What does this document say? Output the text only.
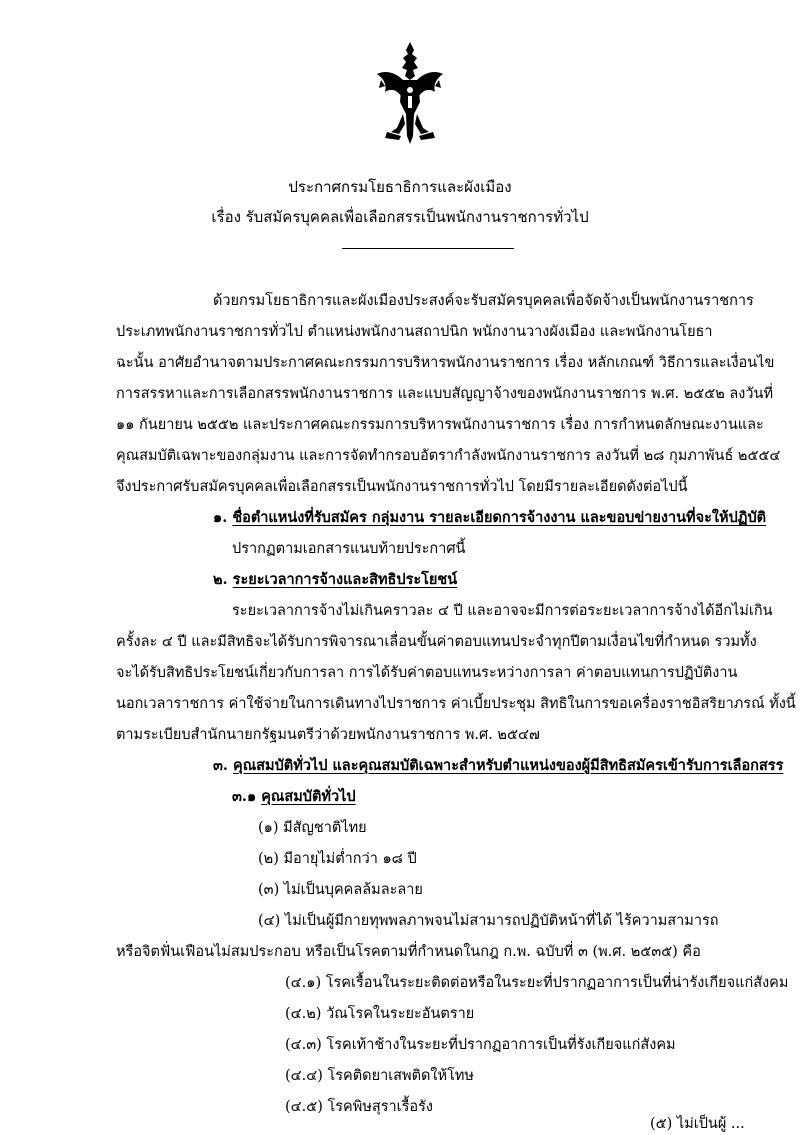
ประกาศกรมโยธาธิการและผังเมือง
เรื่อง รับสมัครบุคคลเพื่อเลือกสรรเป็นพนักงานราชการทั่วไป
ด้วยกรมโยธาธิการและผังเมืองประสงค์จะรับสมัครบุคคลเพื่อจัดจ้างเป็นพนักงานราชการ
ประเภทพนักงานราชการทั่วไป ตำแหน่งพนักงานสถาปนิก พนักงานวางผังเมือง และพนักงานโยธา
ฉะนั้น อาศัยอำนาจตามประกาศคณะกรรมการบริหารพนักงานราชการ เรื่อง หลักเกณฑ์ วิธีการและเงื่อนไข
การสรรหาและการเลือกสรรพนักงานราชการ และแบบสัญญาจ้างของพนักงานราชการ พ.ศ. ๒๕๕๒ ลงวันที่
๑๑ กันยายน ๒๕๕๒ และประกาศคณะกรรมการบริหารพนักงานราชการ เรื่อง การกำหนดลักษณะงานและ
คุณสมบัติเฉพาะของกลุ่มงาน และการจัดทำกรอบอัตรากำลังพนักงานราชการ ลงวันที่ ๒๘ กุมภาพันธ์ ๒๕๕๔
จึงประกาศรับสมัครบุคคลเพื่อเลือกสรรเป็นพนักงานราชการทั่วไป โดยมีรายละเอียดดังต่อไปนี้
๑. ชื่อตำแหน่งที่รับสมัคร กลุ่มงาน รายละเอียดการจ้างงาน และขอบข่ายงานที่จะให้ปฏิบัติ
ปรากฏตามเอกสารแนบท้ายประกาศนี้
๒. ระยะเวลาการจ้างและสิทธิประโยชน์
ระยะเวลาการจ้างไม่เกินคราวละ ๔ ปี และอาจจะมีการต่อระยะเวลาการจ้างได้อีกไม่เกิน
ครั้งละ ๔ ปี และมีสิทธิจะได้รับการพิจารณาเลื่อนขั้นค่าตอบแทนประจำทุกปีตามเงื่อนไขที่กำหนด รวมทั้ง
จะได้รับสิทธิประโยชน์เกี่ยวกับการลา การได้รับค่าตอบแทนระหว่างการลา ค่าตอบแทนการปฏิบัติงาน
นอกเวลาราชการ ค่าใช้จ่ายในการเดินทางไปราชการ ค่าเบี้ยประชุม สิทธิในการขอเครื่องราชอิสริยาภรณ์ ทั้งนี้
ตามระเบียบสำนักนายกรัฐมนตรีว่าด้วยพนักงานราชการ พ.ศ. ๒๕๔๗
๓. คุณสมบัติทั่วไป และคุณสมบัติเฉพาะสำหรับตำแหน่งของผู้มีสิทธิสมัครเข้ารับการเลือกสรร
๓.๑ คุณสมบัติทั่วไป
(๑) มีสัญชาติไทย
(๒) มีอายุไม่ต่ำกว่า ๑๘ ปี
(๓) ไม่เป็นบุคคลล้มละลาย
(๔) ไม่เป็นผู้มีกายทุพพลภาพจนไม่สามารถปฏิบัติหน้าที่ได้ ไร้ความสามารถ
หรือจิตฟั่นเฟือนไม่สมประกอบ หรือเป็นโรคตามที่กำหนดในกฎ ก.พ. ฉบับที่ ๓ (พ.ศ. ๒๕๓๕) คือ
(๔.๑) โรคเรื้อนในระยะติดต่อหรือในระยะที่ปรากฏอาการเป็นที่น่ารังเกียจแก่สังคม
(๔.๒) วัณโรคในระยะอันตราย
(๔.๓) โรคเท้าช้างในระยะที่ปรากฏอาการเป็นที่รังเกียจแก่สังคม
(๔.๔) โรคติดยาเสพติดให้โทษ
(๔.๕) โรคพิษสุราเรื้อรัง
(๕) ไม่เป็นผู้ ...
